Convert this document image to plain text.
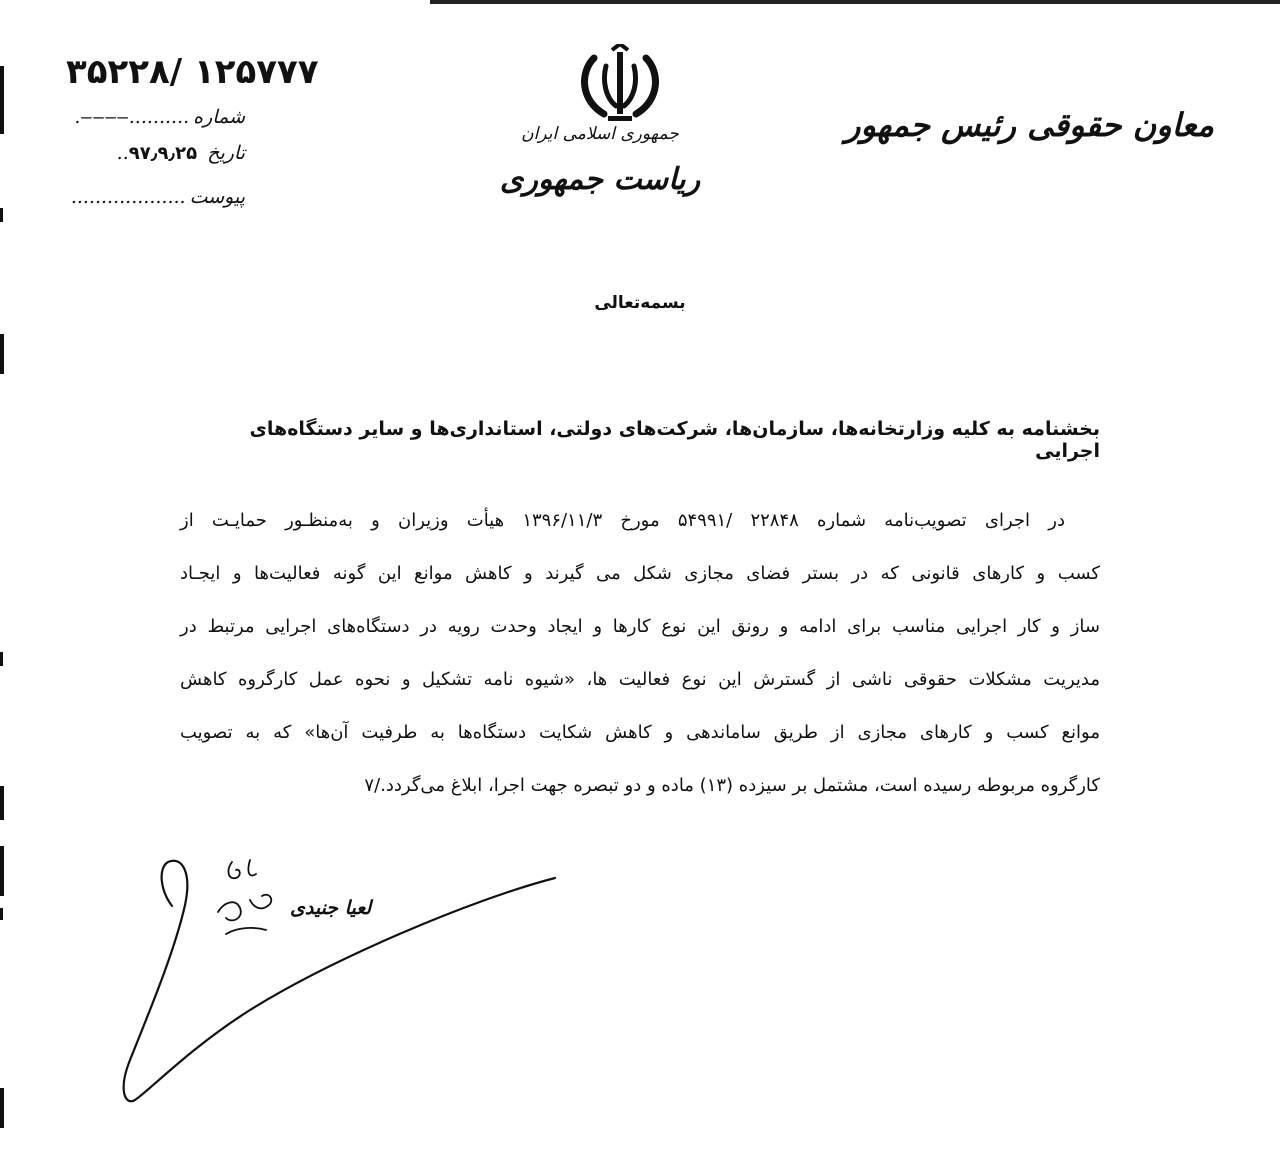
۳۵۲۲۸/ ۱۲۵۷۷۷
شماره..........‒‒‒‒.
تاریخ ۹۷٫۹٫۲۵..
پیوست...................
جمهوری اسلامی ایران
ریاست جمهوری
معاون حقوقی رئیس جمهور
بسمه‌تعالی
بخشنامه به کلیه وزارتخانه‌ها، سازمان‌ها، شرکت‌های دولتی، استانداری‌ها و سایر دستگاه‌های اجرایی
در اجرای تصویب‌نامه شماره ۲۲۸۴۸ /۵۴۹۹۱ مورخ ۱۳۹۶/۱۱/۳ هیأت وزیران و به‌منظـور حمایـت از
کسب و کارهای قانونی که در بستر فضای مجازی شکل می گیرند و کاهش موانع این گونه فعالیت‌ها و ایجـاد
ساز و کار اجرایی مناسب برای ادامه و رونق این نوع کارها و ایجاد وحدت رویه در دستگاه‌های اجرایی مرتبط در
مدیریت مشکلات حقوقی ناشی از گسترش این نوع فعالیت ها، «شیوه نامه تشکیل و نحوه عمل کارگروه کاهش
موانع کسب و کارهای مجازی از طریق ساماندهی و کاهش شکایت دستگاه‌ها به طرفیت آن‌ها» که به تصویب
کارگروه مربوطه رسیده است، مشتمل بر سیزده (۱۳) ماده و دو تبصره جهت اجرا، ابلاغ می‌گردد./۷
لعیا جنیدی
